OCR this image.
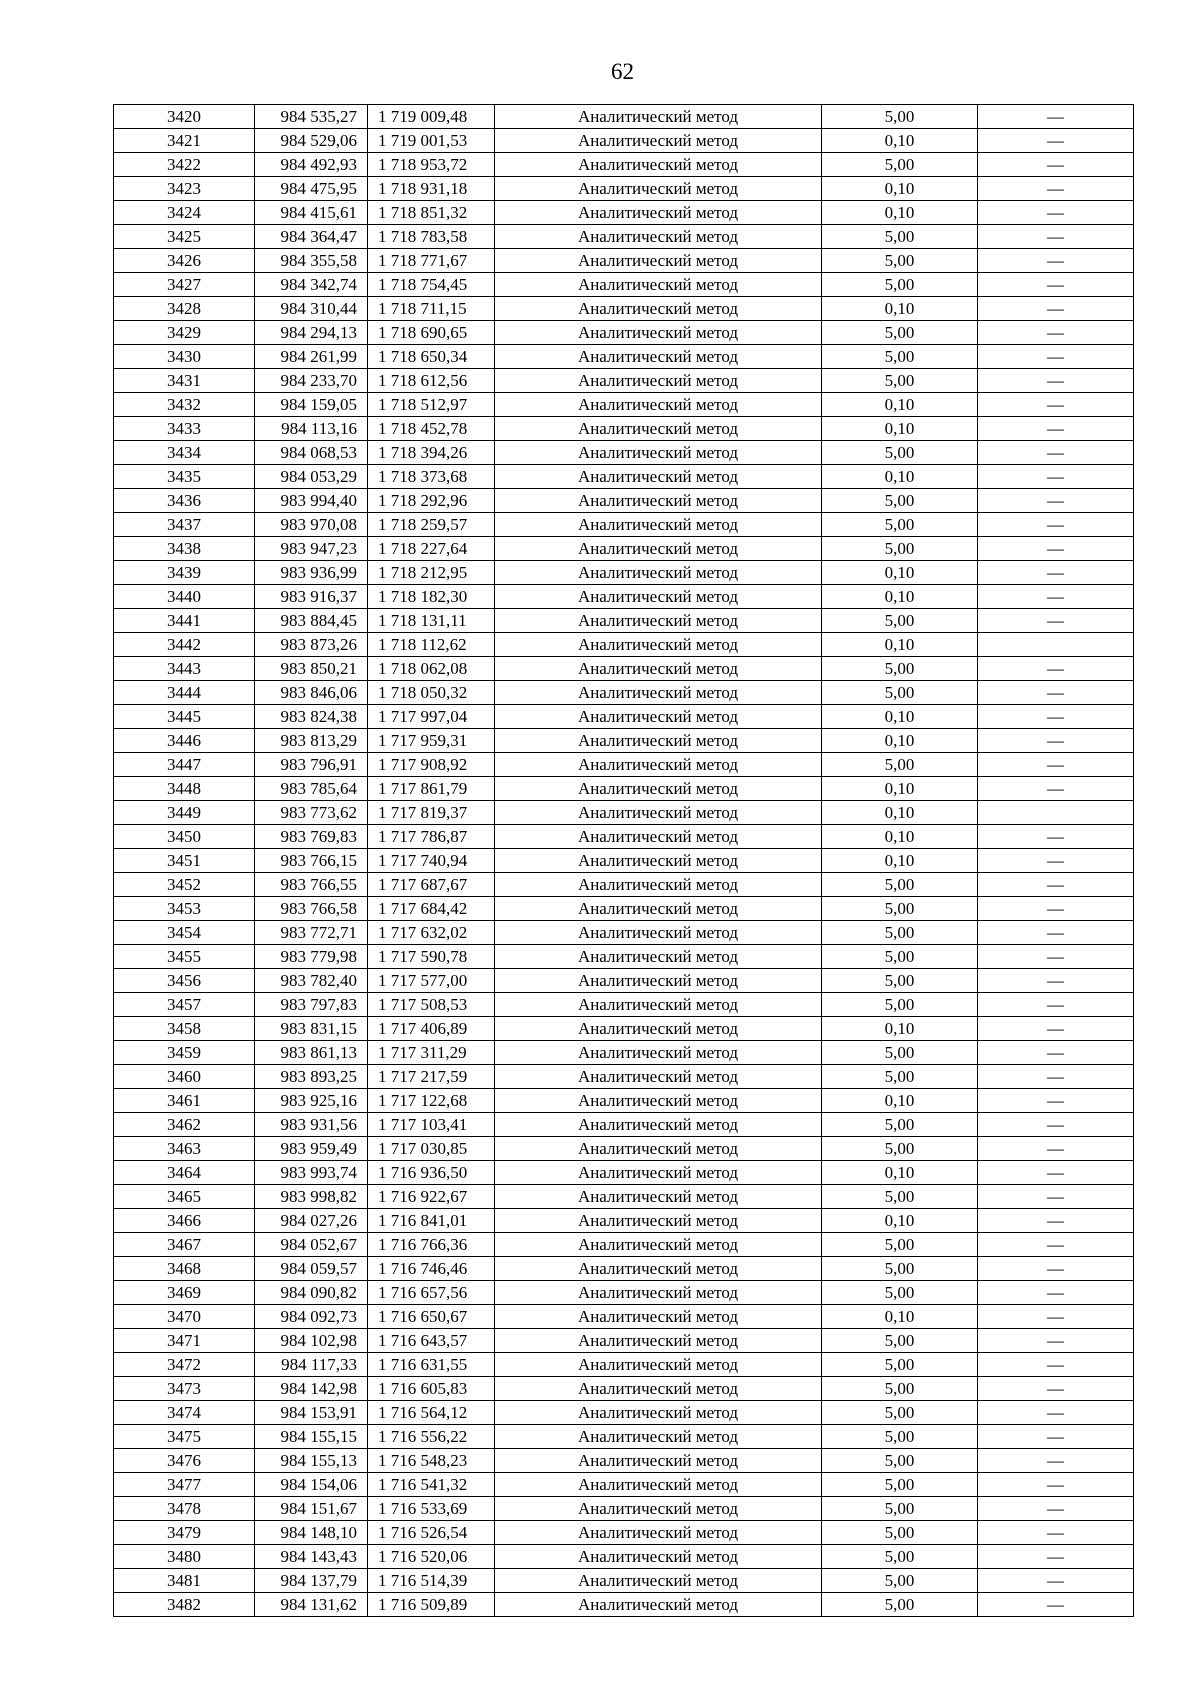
62
3420	984 535,27	1 719 009,48	Аналитический метод	5,00	—
3421	984 529,06	1 719 001,53	Аналитический метод	0,10	—
3422	984 492,93	1 718 953,72	Аналитический метод	5,00	—
3423	984 475,95	1 718 931,18	Аналитический метод	0,10	—
3424	984 415,61	1 718 851,32	Аналитический метод	0,10	—
3425	984 364,47	1 718 783,58	Аналитический метод	5,00	—
3426	984 355,58	1 718 771,67	Аналитический метод	5,00	—
3427	984 342,74	1 718 754,45	Аналитический метод	5,00	—
3428	984 310,44	1 718 711,15	Аналитический метод	0,10	—
3429	984 294,13	1 718 690,65	Аналитический метод	5,00	—
3430	984 261,99	1 718 650,34	Аналитический метод	5,00	—
3431	984 233,70	1 718 612,56	Аналитический метод	5,00	—
3432	984 159,05	1 718 512,97	Аналитический метод	0,10	—
3433	984 113,16	1 718 452,78	Аналитический метод	0,10	—
3434	984 068,53	1 718 394,26	Аналитический метод	5,00	—
3435	984 053,29	1 718 373,68	Аналитический метод	0,10	—
3436	983 994,40	1 718 292,96	Аналитический метод	5,00	—
3437	983 970,08	1 718 259,57	Аналитический метод	5,00	—
3438	983 947,23	1 718 227,64	Аналитический метод	5,00	—
3439	983 936,99	1 718 212,95	Аналитический метод	0,10	—
3440	983 916,37	1 718 182,30	Аналитический метод	0,10	—
3441	983 884,45	1 718 131,11	Аналитический метод	5,00	—
3442	983 873,26	1 718 112,62	Аналитический метод	0,10	
3443	983 850,21	1 718 062,08	Аналитический метод	5,00	—
3444	983 846,06	1 718 050,32	Аналитический метод	5,00	—
3445	983 824,38	1 717 997,04	Аналитический метод	0,10	—
3446	983 813,29	1 717 959,31	Аналитический метод	0,10	—
3447	983 796,91	1 717 908,92	Аналитический метод	5,00	—
3448	983 785,64	1 717 861,79	Аналитический метод	0,10	—
3449	983 773,62	1 717 819,37	Аналитический метод	0,10	
3450	983 769,83	1 717 786,87	Аналитический метод	0,10	—
3451	983 766,15	1 717 740,94	Аналитический метод	0,10	—
3452	983 766,55	1 717 687,67	Аналитический метод	5,00	—
3453	983 766,58	1 717 684,42	Аналитический метод	5,00	—
3454	983 772,71	1 717 632,02	Аналитический метод	5,00	—
3455	983 779,98	1 717 590,78	Аналитический метод	5,00	—
3456	983 782,40	1 717 577,00	Аналитический метод	5,00	—
3457	983 797,83	1 717 508,53	Аналитический метод	5,00	—
3458	983 831,15	1 717 406,89	Аналитический метод	0,10	—
3459	983 861,13	1 717 311,29	Аналитический метод	5,00	—
3460	983 893,25	1 717 217,59	Аналитический метод	5,00	—
3461	983 925,16	1 717 122,68	Аналитический метод	0,10	—
3462	983 931,56	1 717 103,41	Аналитический метод	5,00	—
3463	983 959,49	1 717 030,85	Аналитический метод	5,00	—
3464	983 993,74	1 716 936,50	Аналитический метод	0,10	—
3465	983 998,82	1 716 922,67	Аналитический метод	5,00	—
3466	984 027,26	1 716 841,01	Аналитический метод	0,10	—
3467	984 052,67	1 716 766,36	Аналитический метод	5,00	—
3468	984 059,57	1 716 746,46	Аналитический метод	5,00	—
3469	984 090,82	1 716 657,56	Аналитический метод	5,00	—
3470	984 092,73	1 716 650,67	Аналитический метод	0,10	—
3471	984 102,98	1 716 643,57	Аналитический метод	5,00	—
3472	984 117,33	1 716 631,55	Аналитический метод	5,00	—
3473	984 142,98	1 716 605,83	Аналитический метод	5,00	—
3474	984 153,91	1 716 564,12	Аналитический метод	5,00	—
3475	984 155,15	1 716 556,22	Аналитический метод	5,00	—
3476	984 155,13	1 716 548,23	Аналитический метод	5,00	—
3477	984 154,06	1 716 541,32	Аналитический метод	5,00	—
3478	984 151,67	1 716 533,69	Аналитический метод	5,00	—
3479	984 148,10	1 716 526,54	Аналитический метод	5,00	—
3480	984 143,43	1 716 520,06	Аналитический метод	5,00	—
3481	984 137,79	1 716 514,39	Аналитический метод	5,00	—
3482	984 131,62	1 716 509,89	Аналитический метод	5,00	—
